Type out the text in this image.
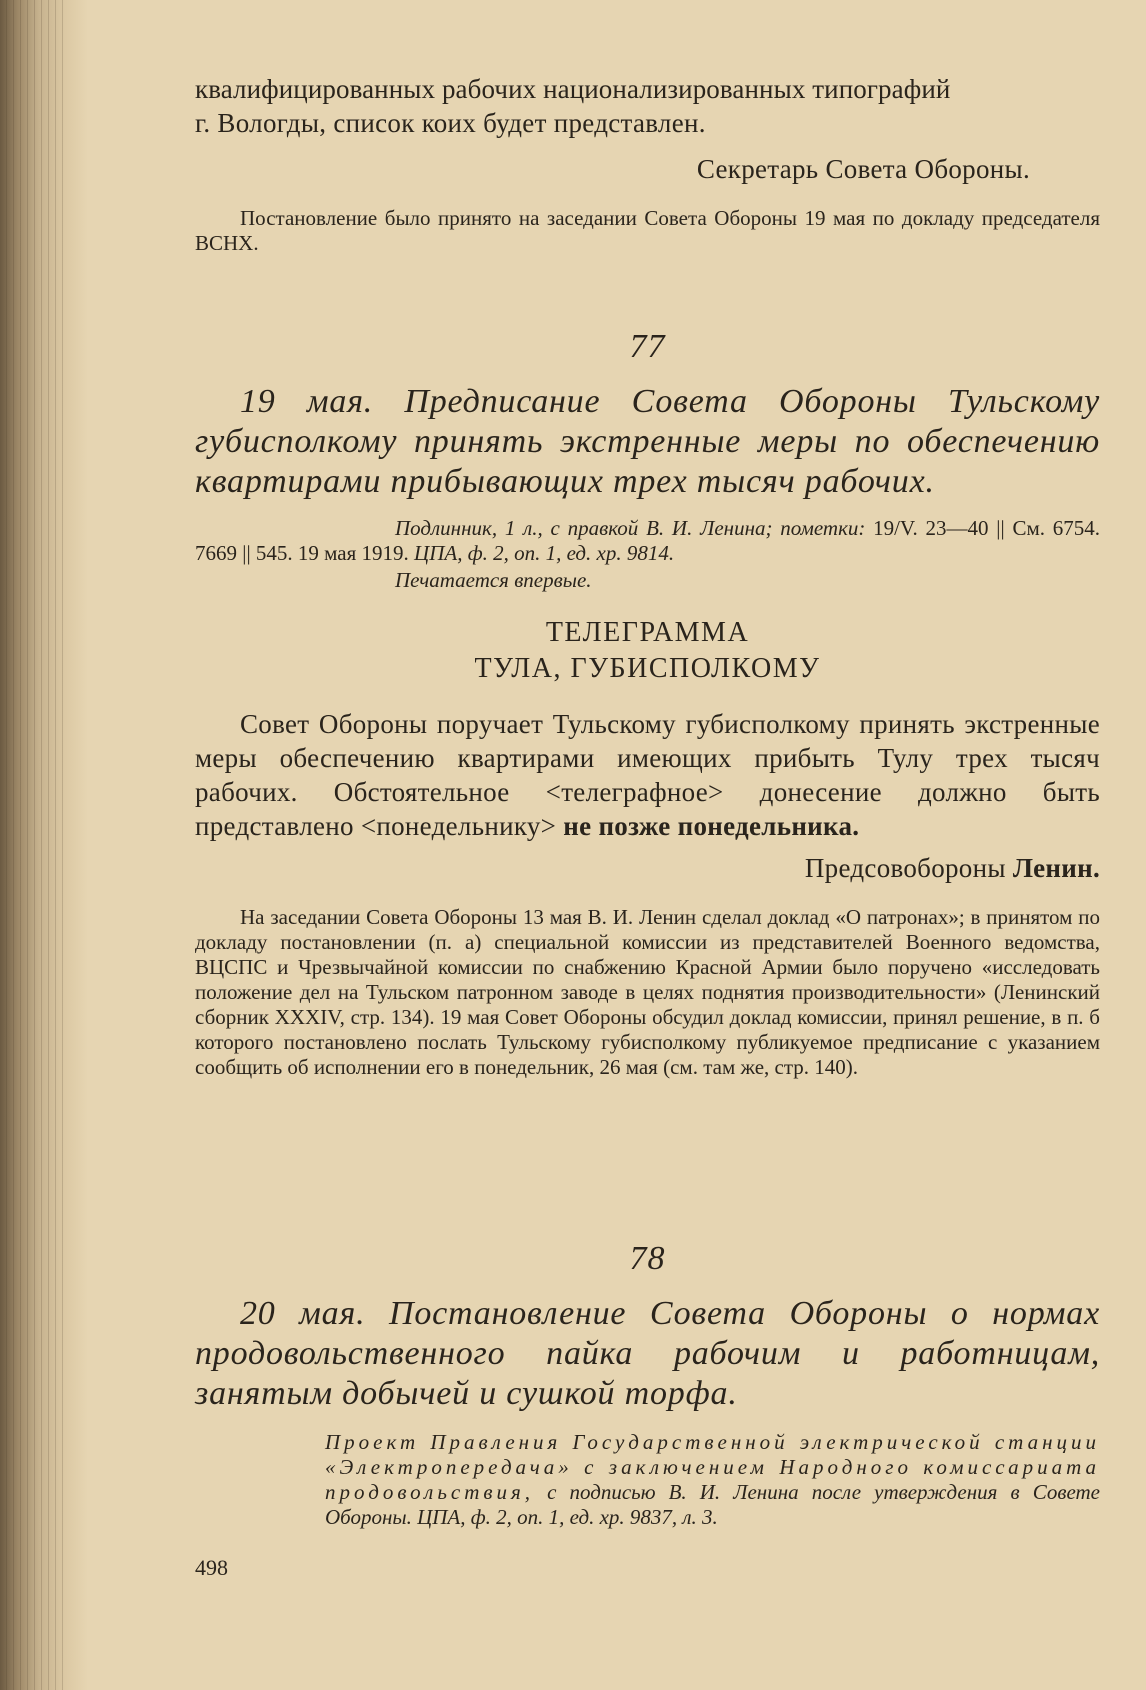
квалифицированных рабочих национализированных типографий

г. Вологды, список коих будет представлен.

Секретарь Совета Обороны.

Постановление было принято на заседании Совета Обороны 19 мая по докладу председателя ВСНХ.

77

19 мая. Предписание Совета Обороны Тульскому губисполкому принять экстренные меры по обеспечению квартирами прибывающих трех тысяч рабочих.

Подлинник, 1 л., с правкой В. И. Ленина; пометки: 19/V. 23—40 || См. 6754. 7669 || 545. 19 мая 1919. ЦПА, ф. 2, оп. 1, ед. хр. 9814.

Печатается впервые.

ТЕЛЕГРАММА

ТУЛА, ГУБИСПОЛКОМУ

Совет Обороны поручает Тульскому губисполкому принять экстренные меры обеспечению квартирами имеющих прибыть Тулу трех тысяч рабочих. Обстоятельное <телеграфное> донесение должно быть представлено <понедельнику> не позже понедельника.

Предсовобороны Ленин.

На заседании Совета Обороны 13 мая В. И. Ленин сделал доклад «О патронах»; в принятом по докладу постановлении (п. а) специальной комиссии из представителей Военного ведомства, ВЦСПС и Чрезвычайной комиссии по снабжению Красной Армии было поручено «исследовать положение дел на Тульском патронном заводе в целях поднятия производительности» (Ленинский сборник XXXIV, стр. 134). 19 мая Совет Обороны обсудил доклад комиссии, принял решение, в п. б которого постановлено послать Тульскому губисполкому публикуемое предписание с указанием сообщить об исполнении его в понедельник, 26 мая (см. там же, стр. 140).

78

20 мая. Постановление Совета Обороны о нормах продовольственного пайка рабочим и работницам, занятым добычей и сушкой торфа.

Проект Правления Государственной электрической станции «Электропередача» с заключением Народного комиссариата продовольствия, с подписью В. И. Ленина после утверждения в Совете Обороны. ЦПА, ф. 2, оп. 1, ед. хр. 9837, л. 3.

498
